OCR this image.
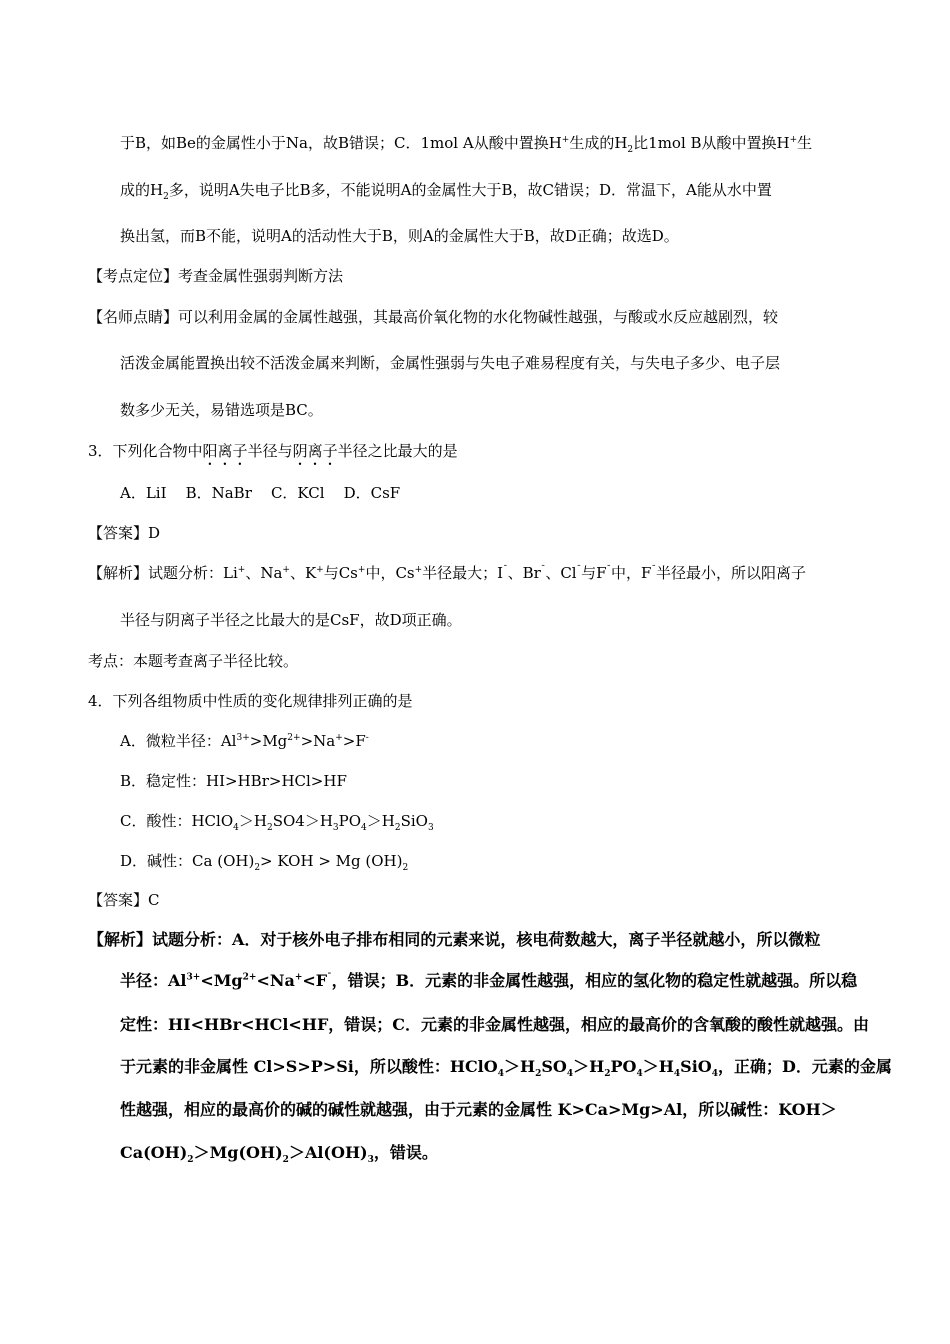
于B，如Be的金属性小于Na，故B错误；C．1mol A从酸中置换H+生成的$H_2$比1mol B从酸中置换H+生
成的$H_2$多，说明A失电子比B多，不能说明A的金属性大于B，故C错误；D．常温下，A能从水中置
换出氢，而B不能，说明A的活动性大于B，则A的金属性大于B，故D正确；故选D。
【考点定位】考查金属性强弱判断方法
【名师点睛】可以利用金属的金属性越强，其最高价氧化物的水化物碱性越强，与酸或水反应越剧烈，较
活泼金属能置换出较不活泼金属来判断，金属性强弱与失电子难易程度有关，与失电子多少、电子层
数多少无关，易错选项是BC。
3．下列化合物中阳离子半径与阴离子半径之比最大的是
A．LiI    B．NaBr    C．KCl    D．CsF
【答案】D
【解析】试题分析：Li+、Na+、K+与Cs+中，Cs+半径最大；I¯、Br¯、Cl¯与F¯中，F¯半径最小，所以阳离子
半径与阴离子半径之比最大的是CsF，故D项正确。
考点：本题考查离子半径比较。
4．下列各组物质中性质的变化规律排列正确的是
A．微粒半径：$Al^{3+}>Mg^{2+}>Na^+>F^-$
B．稳定性：HI>HBr>HCl>HF
C．酸性：$HClO_4>H_2SO4>H_3PO_4>H_2SiO_3$
D．碱性：Ca $(OH)_2>$ KOH > Mg $(OH)_2$
【答案】C
【解析】试题分析：A．对于核外电子排布相同的元素来说，核电荷数越大，离子半径就越小，所以微粒
半径：$Al^{3+}<Mg^{2+}<Na^+<F^¯$，错误；B．元素的非金属性越强，相应的氢化物的稳定性就越强。所以稳
定性：HI<HBr<HCl<HF，错误；C．元素的非金属性越强，相应的最高价的含氧酸的酸性就越强。由
于元素的非金属性 Cl>S>P>Si，所以酸性：$HClO_4>H_2SO_4>H_2PO_4>H_4SiO_4$，正确；D．元素的金属
性越强，相应的最高价的碱的碱性就越强，由于元素的金属性 K>Ca>Mg>Al，所以碱性：KOH＞
$Ca(OH)_2>Mg(OH)_2>Al(OH)_3$，错误。
